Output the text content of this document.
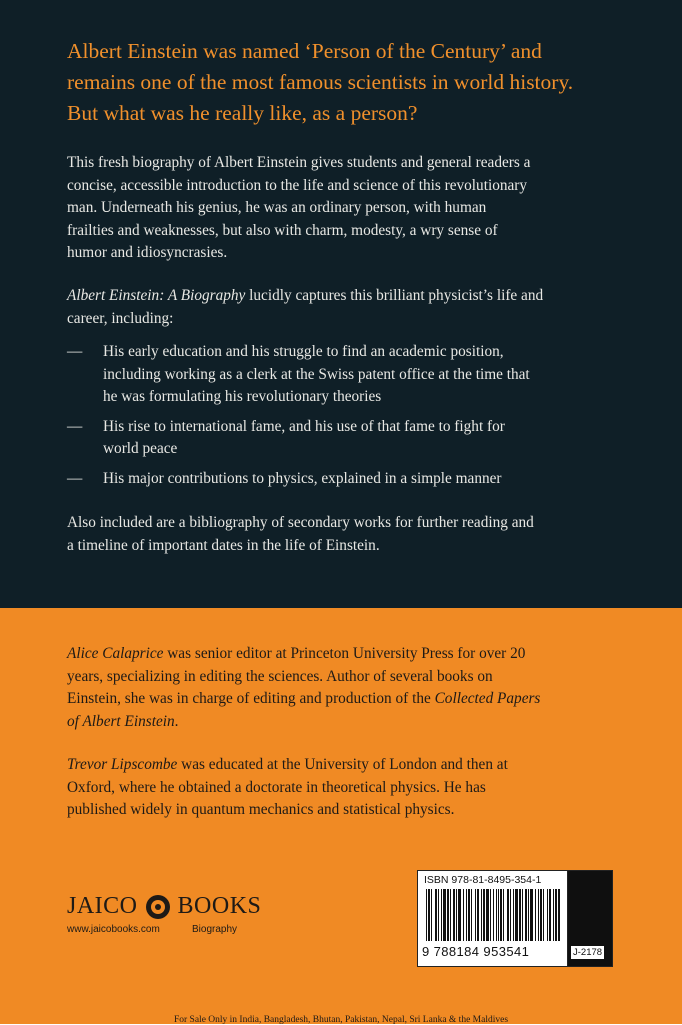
Albert Einstein was named ‘Person of the Century’ and
remains one of the most famous scientists in world history.
But what was he really like, as a person?
This fresh biography of Albert Einstein gives students and general readers a
concise, accessible introduction to the life and science of this revolutionary
man. Underneath his genius, he was an ordinary person, with human
frailties and weaknesses, but also with charm, modesty, a wry sense of
humor and idiosyncrasies.
Albert Einstein: A Biography lucidly captures this brilliant physicist’s life and
career, including:
— His early education and his struggle to find an academic position,
including working as a clerk at the Swiss patent office at the time that
he was formulating his revolutionary theories
— His rise to international fame, and his use of that fame to fight for
world peace
— His major contributions to physics, explained in a simple manner
Also included are a bibliography of secondary works for further reading and
a timeline of important dates in the life of Einstein.
Alice Calaprice was senior editor at Princeton University Press for over 20
years, specializing in editing the sciences. Author of several books on
Einstein, she was in charge of editing and production of the Collected Papers
of Albert Einstein.
Trevor Lipscombe was educated at the University of London and then at
Oxford, where he obtained a doctorate in theoretical physics. He has
published widely in quantum mechanics and statistical physics.
JAICO BOOKS
www.jaicobooks.com	Biography
ISBN 978-81-8495-354-1
9 788184 953541	J-2178
For Sale Only in India, Bangladesh, Bhutan, Pakistan, Nepal, Sri Lanka & the Maldives
